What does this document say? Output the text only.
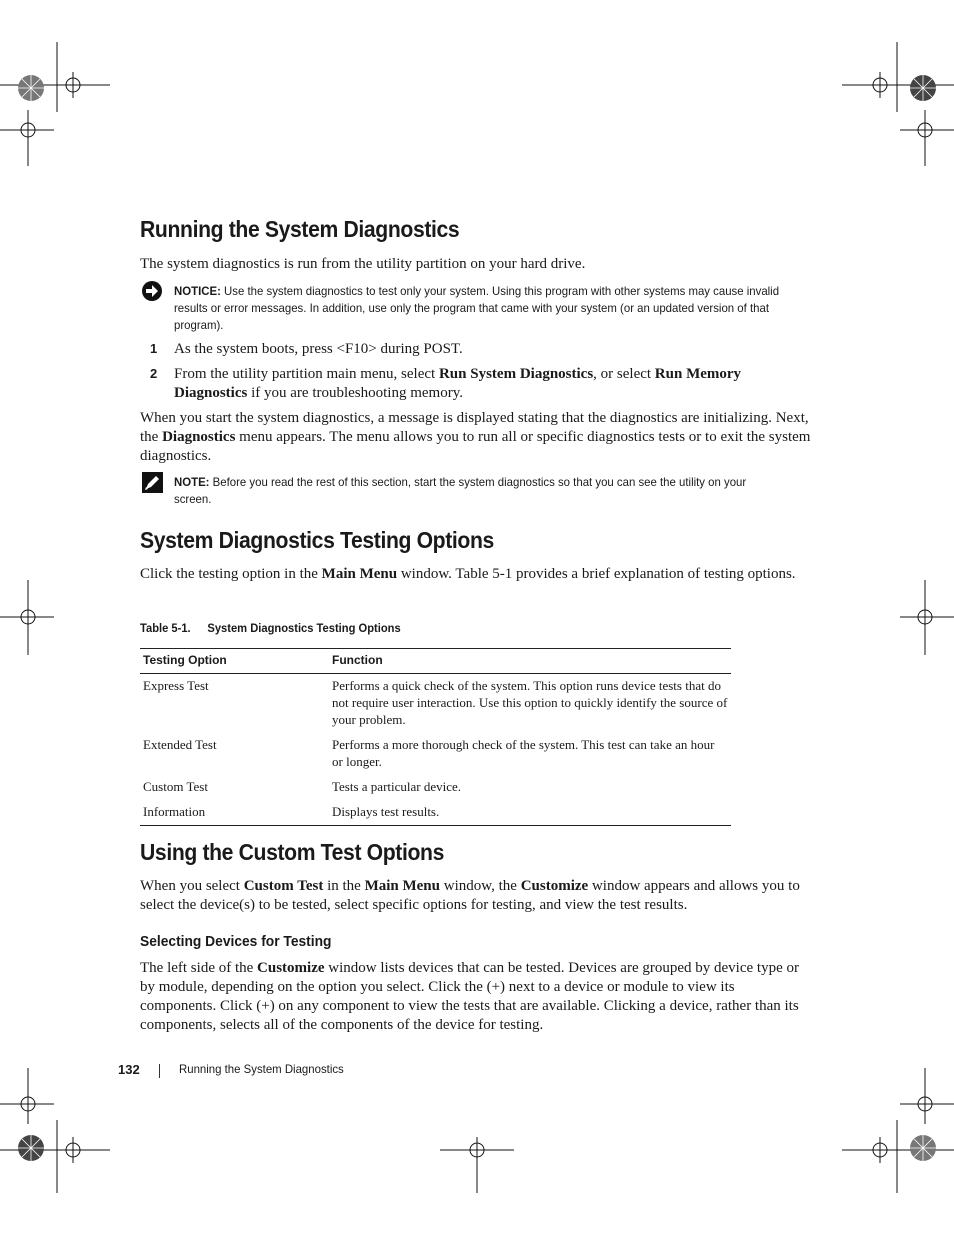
Running the System Diagnostics
The system diagnostics is run from the utility partition on your hard drive.
NOTICE: Use the system diagnostics to test only your system. Using this program with other systems may cause invalid results or error messages. In addition, use only the program that came with your system (or an updated version of that program).
1 As the system boots, press <F10> during POST.
2 From the utility partition main menu, select Run System Diagnostics, or select Run Memory Diagnostics if you are troubleshooting memory.
When you start the system diagnostics, a message is displayed stating that the diagnostics are initializing. Next, the Diagnostics menu appears. The menu allows you to run all or specific diagnostics tests or to exit the system diagnostics.
NOTE: Before you read the rest of this section, start the system diagnostics so that you can see the utility on your screen.
System Diagnostics Testing Options
Click the testing option in the Main Menu window. Table 5-1 provides a brief explanation of testing options.
Table 5-1. System Diagnostics Testing Options
Testing Option	Function
Express Test	Performs a quick check of the system. This option runs device tests that do not require user interaction. Use this option to quickly identify the source of your problem.
Extended Test	Performs a more thorough check of the system. This test can take an hour or longer.
Custom Test	Tests a particular device.
Information	Displays test results.
Using the Custom Test Options
When you select Custom Test in the Main Menu window, the Customize window appears and allows you to select the device(s) to be tested, select specific options for testing, and view the test results.
Selecting Devices for Testing
The left side of the Customize window lists devices that can be tested. Devices are grouped by device type or by module, depending on the option you select. Click the (+) next to a device or module to view its components. Click (+) on any component to view the tests that are available. Clicking a device, rather than its components, selects all of the components of the device for testing.
132	Running the System Diagnostics
